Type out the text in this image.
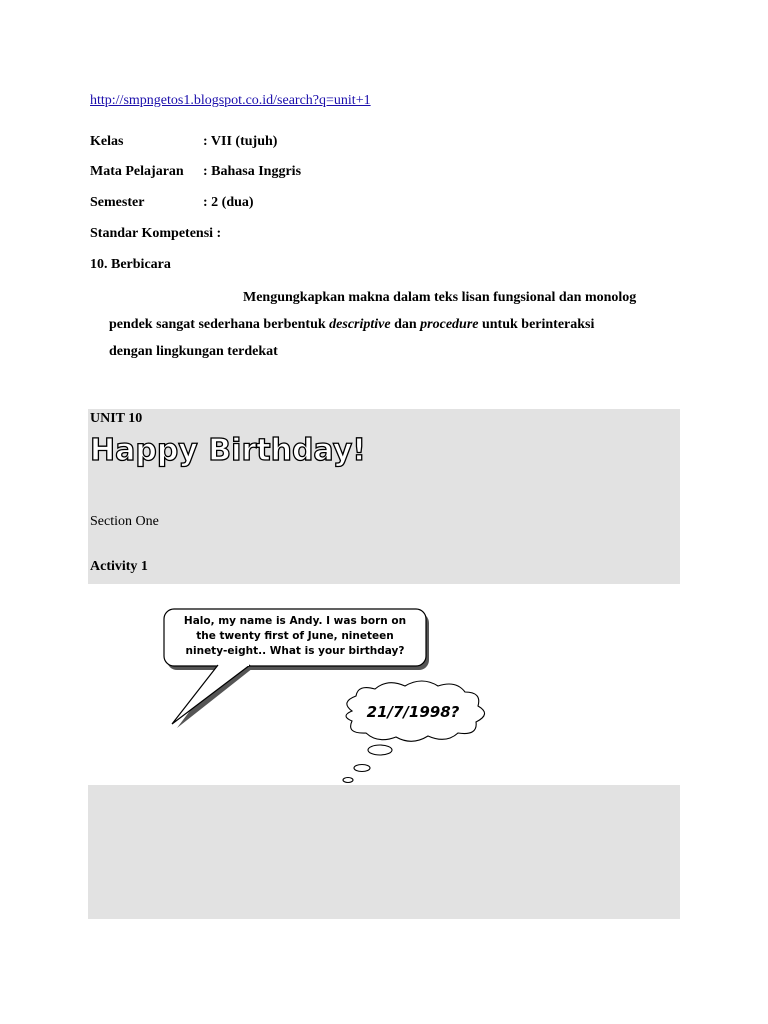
http://smpngetos1.blogspot.co.id/search?q=unit+1
Kelas	: VII (tujuh)
Mata Pelajaran : Bahasa Inggris
Semester	: 2 (dua)
Standar Kompetensi :
10. Berbicara

Mengungkapkan makna dalam teks lisan fungsional dan monolog

pendek sangat sederhana berbentuk descriptive dan procedure untuk berinteraksi

dengan lingkungan terdekat

UNIT 10
Happy Birthday!
Section One
Activity 1
Halo, my name is Andy. I was born on
the twenty first of June, nineteen
ninety-eight.. What is your birthday?
21/7/1998?
